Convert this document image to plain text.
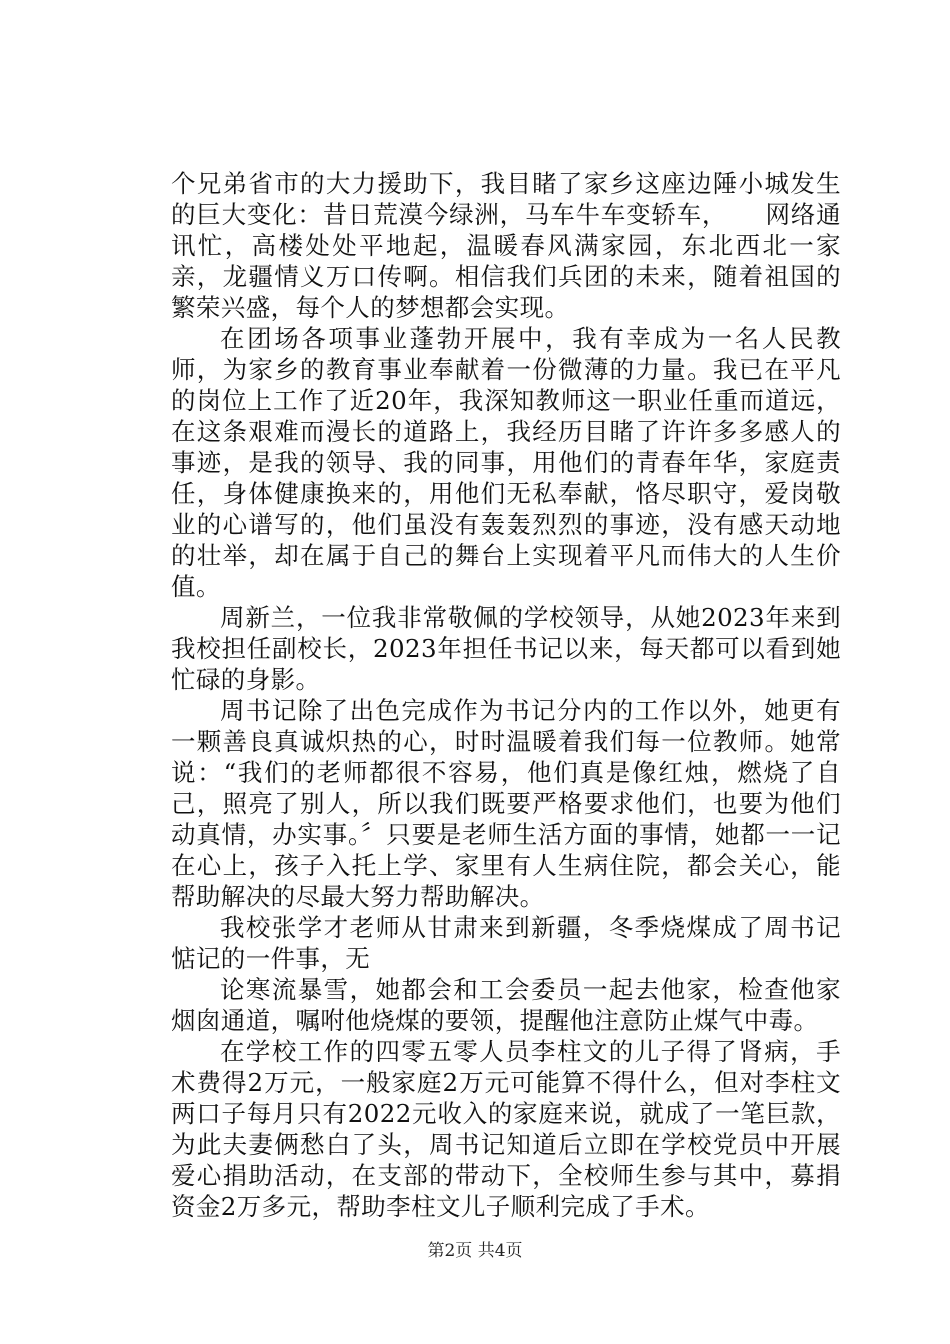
个兄弟省市的大力援助下，我目睹了家乡这座边陲小城发生的巨大变化：昔日荒漠今绿洲，马车牛车变轿车，　　网络通讯忙，高楼处处平地起，温暖春风满家园，东北西北一家亲，龙疆情义万口传啊。相信我们兵团的未来，随着祖国的繁荣兴盛，每个人的梦想都会实现。

在团场各项事业蓬勃开展中，我有幸成为一名人民教师，为家乡的教育事业奉献着一份微薄的力量。我已在平凡的岗位上工作了近20年，我深知教师这一职业任重而道远，在这条艰难而漫长的道路上，我经历目睹了许许多多感人的事迹，是我的领导、我的同事，用他们的青春年华，家庭责任，身体健康换来的，用他们无私奉献，恪尽职守，爱岗敬业的心谱写的，他们虽没有轰轰烈烈的事迹，没有感天动地的壮举，却在属于自己的舞台上实现着平凡而伟大的人生价值。

周新兰，一位我非常敬佩的学校领导，从她2023年来到我校担任副校长，2023年担任书记以来，每天都可以看到她忙碌的身影。

周书记除了出色完成作为书记分内的工作以外，她更有一颗善良真诚炽热的心，时时温暖着我们每一位教师。她常说：“我们的老师都很不容易，他们真是像红烛，燃烧了自己，照亮了别人，所以我们既要严格要求他们，也要为他们动真情，办实事。〞只要是老师生活方面的事情，她都一一记在心上，孩子入托上学、家里有人生病住院，都会关心，能帮助解决的尽最大努力帮助解决。

我校张学才老师从甘肃来到新疆，冬季烧煤成了周书记惦记的一件事，无

论寒流暴雪，她都会和工会委员一起去他家，检查他家烟囱通道，嘱咐他烧煤的要领，提醒他注意防止煤气中毒。

在学校工作的四零五零人员李柱文的儿子得了肾病，手术费得2万元，一般家庭2万元可能算不得什么，但对李柱文两口子每月只有2022元收入的家庭来说，就成了一笔巨款，为此夫妻俩愁白了头，周书记知道后立即在学校党员中开展爱心捐助活动，在支部的带动下，全校师生参与其中，募捐资金2万多元，帮助李柱文儿子顺利完成了手术。

第2页 共4页
